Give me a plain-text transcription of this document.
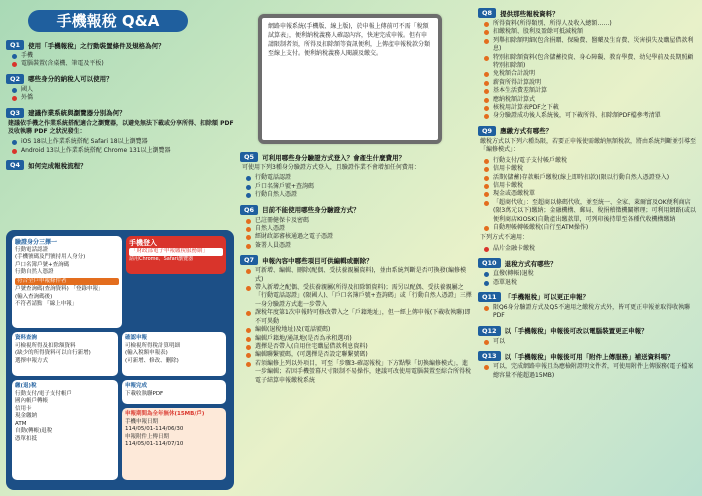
手機報稅 Q&A
Q1	使用「手機報稅」之行動裝置條件及規格為何？
手機
電腦裝置(含桌機、筆電及平板)
Q2	哪些身分的納稅人可以使用？
國人
外僑
Q3	建議作業系統與瀏覽器分別為何？
建議依手機之作業系統搭配適合之瀏覽器，以避免無法下載或分享所得、扣除額 PDF 及收執聯 PDF 之狀況發生：
iOS 18以上作業系統搭配 Safari 18以上瀏覽器
Android 13以上作業系統搭配 Chrome 131以上瀏覽器
Q4	如何完成報稅流程？
驗證身分三擇一
行動電話認證
(手機號碼及門號持用人身分)
戶口名簿戶號+查詢碼
行動自然人憑證
符合全戶申報條件者
戶號查詢碼(查詢資料) 「登錄申報」
(輸入查詢碼後)
不符者請點 「線上申報」
手機登入
「財政部電子申報繳稅服務網」
請用Chrome、Safari瀏覽器
資料查詢
可檢視所得及扣除額資料
(缺少的所得資料可以自行新增)
選擇申報方式
確認申報
可檢視所得稅計算明細
(輸入稅額申報表)
(可新增、修改、刪除)
繳(退)稅
行動支付/電子支付帳戶
國內帳戶轉帳
信用卡
現金繳納
ATM
自動(轉帳)退稅
憑單扣抵
申報完成
下載收執聯PDF
申報期間為全年無休(15MB/戶)
手機申報日期
114/05/01-114/06/30
申報附件上傳日期
114/05/01-114/07/10
網路申報系統(手機版、線上版)，於申報上傳前可不需「稅額試算表」，便利納稅義務人確認內容，快速完成申報。但有申請限制者須，所得及扣除額等資訊便利，上傳產申報稅款分類至線上支付。便利納稅義務人閱讀及繳交。
Q5	可利用哪些身分驗證方式登入？會產生什麼費用？
可使用下列3種身分驗證方式登入，且驗證作業不會增加任何費用：
行動電話認證
戶口名簿戶號+查詢碼
行動自然人憑證
Q6	目前不能使用哪些身分驗證方式？
已註冊健保卡及密碼
自然人憑證
經財政部審核通過之電子憑證
簽署人員憑證
Q7	申報內容中哪些項目可供編輯或刪除？
可新增、編輯、刪除(配偶、受扶養親屬資料)，並由系統判斷是否可換發(編修模式)
帶入新增之配偶、受扶養親屬(所得及扣除額資料)；需另以配偶、受扶養親屬之「行動電話認證」(限國人)、「戶口名簿戶號+查詢碼」或「行動自然人憑證」三擇一身分驗證方式進一步帶入
課稅年度第1次申報時可修改帶入之「戶籍地址」，但一經上傳申報(下載收執聯)即不可異動
編輯(退稅地址)及(電話號碼)
編輯戶籍地/通訊地(是否為承租選項)
選擇是否帶入(自用住宅購屋借款利息資料)
編輯聯繫號碼，(可選擇是否設定聯繫號碼)
若須編修上列以外項目，可至「步驟3-確認報稅」下方點擊「切換編修模式」，進一步編輯；若因手機螢幕尺寸限制不易操作，建議可改使用電腦裝置至綜合所得稅電子結算申報繳稅系統
Q8	提供那些報稅資料？
所得資料(所得類別、所得人及收入總額……)
扣繳稅額、股利及盈餘可抵減稅額
列舉扣除額明細(包含捐贈、保險費、醫藥及生育費、災害損失及購屋借款利息)
特別扣除額資料(包含儲蓄投資、身心障礙、教育學費、幼兒學前及長期照顧特別扣除額)
免稅額合計說明
薪資所得計算說明
基本生活費差額計算
應納稅額計算式
核稅用計算表PDF之下載
身分驗證成功後人系統後，可下載所得、扣除額PDF檔參考清單
Q9	應繳方式有哪些？
繳稅方式以下列六種為限，若要正申報使需繳納無額稅款，將由系統判斷並引導至「編修模式」：
行動支付/電子支付帳戶繳稅
信用卡繳稅
活期(儲蓄)存款帳戶繳稅(線上即時扣款)(限以行動自然人憑證登入)
信用卡繳稅
現金或憑繳稅單
「超商代收」：至超商以條碼代收，並至統一、全家、萊爾富及OK便利商店(限3萬元以下)繳納；金融機構、郵局、稅捐稽徵機關辦理；可利用網路(或以便利商店KIOSK)自動產出繳款單，可列印後持單至各種代收機構繳納
自動理帳轉帳繳稅(自行至ATM操作)
下列方式不適用：
晶片金融卡繳稅
Q10	退稅方式有哪些？
直撥(轉帳)退稅
憑單退稅
Q11	「手機報稅」可以更正申報？
限Q6身分驗證方式及Q5不適用之繳稅方式外，皆可更正申報並取得收執聯PDF
Q12	以「手機報稅」申報後可改以電腦裝置更正申報？
可以
Q13	以「手機報稅」申報後可用「附件上傳服務」補送資料嗎？
可以，完成網路申報且為應檢附證明文件者，可使用附件上傳服務(電子檔案總容量不能超過15MB)
